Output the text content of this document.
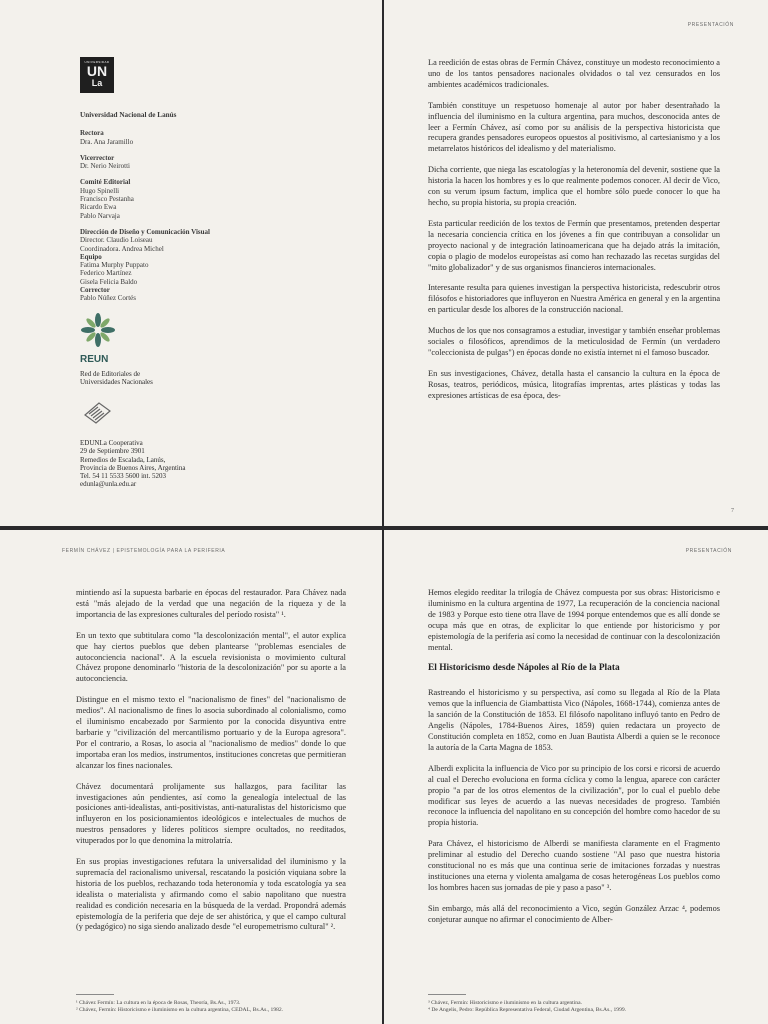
UNIVERSIDAD
UN
La
Universidad Nacional de Lanús
Rectora
Dra. Ana Jaramillo
Vicerrector
Dr. Nerio Neirotti
Comité Editorial
Hugo Spinelli
Francisco Pestanha
Ricardo Ewa
Pablo Narvaja
Dirección de Diseño y Comunicación Visual
Director. Claudio Loiseau
Coordinadora. Andrea Michel
Equipo
Fatima Murphy Puppato
Federico Martínez
Gisela Felicia Baldo
Corrector
Pablo Núñez Cortés
REUN
Red de Editoriales de
Universidades Nacionales
EDUNLa Cooperativa
29 de Septiembre 3901
Remedios de Escalada, Lanús,
Provincia de Buenos Aires, Argentina
Tel. 54 11 5533 5600 int. 5203
edunla@unla.edu.ar
PRESENTACIÓN

La reedición de estas obras de Fermín Chávez, constituye un modesto reconocimiento a uno de los tantos pensadores nacionales olvidados o tal vez censurados en los ambientes académicos tradicionales.

También constituye un respetuoso homenaje al autor por haber desentrañado la influencia del iluminismo en la cultura argentina, para muchos, desconocida antes de leer a Fermín Chávez, así como por su análisis de la perspectiva historicista que recupera grandes pensadores europeos opuestos al positivismo, al cartesianismo y a los metarrelatos históricos del idealismo y del materialismo.

Dicha corriente, que niega las escatologías y la heteronomía del devenir, sostiene que la historia la hacen los hombres y es lo que realmente podemos conocer. Al decir de Vico, con su verum ipsum factum, implica que el hombre sólo puede conocer lo que ha hecho, su propia historia, su propia creación.

Esta particular reedición de los textos de Fermín que presentamos, pretenden despertar la necesaria conciencia crítica en los jóvenes a fin que contribuyan a consolidar un proyecto nacional y de integración latinoamericana que ha dejado atrás la imitación, copia o plagio de modelos europeístas así como han rechazado las recetas surgidas del "mito globalizador" y de sus organismos financieros internacionales.

Interesante resulta para quienes investigan la perspectiva historicista, redescubrir otros filósofos e historiadores que influyeron en Nuestra América en general y en la argentina en particular desde los albores de la construcción nacional.

Muchos de los que nos consagramos a estudiar, investigar y también enseñar problemas sociales o filosóficos, aprendimos de la meticulosidad de Fermín (un verdadero "coleccionista de pulgas") en épocas donde no existía internet ni el famoso buscador.

En sus investigaciones, Chávez, detalla hasta el cansancio la cultura en la época de Rosas, teatros, periódicos, música, litografías imprentas, artes plásticas y todas las expresiones artísticas de esa época, des-

7
FERMÍN CHÁVEZ | EPISTEMOLOGÍA PARA LA PERIFERIA

mintiendo así la supuesta barbarie en épocas del restaurador. Para Chávez nada está "más alejado de la verdad que una negación de la riqueza y de la importancia de las expresiones culturales del período rosista" ¹.

En un texto que subtitulara como "la descolonización mental", el autor explica que hay ciertos pueblos que deben plantearse "problemas esenciales de autoconciencia nacional". A la escuela revisionista o movimiento cultural Chávez propone denominarlo "historia de la descolonización" por su aporte a la autoconciencia.

Distingue en el mismo texto el "nacionalismo de fines" del "nacionalismo de medios". Al nacionalismo de fines lo asocia subordinado al colonialismo, como el iluminismo encabezado por Sarmiento por la conocida disyuntiva entre barbarie y "civilización del mercantilismo portuario y de la Europa agresora". Por el contrario, a Rosas, lo asocia al "nacionalismo de medios" donde lo que importaba eran los medios, instrumentos, instituciones concretas que permitieran alcanzar los fines nacionales.

Chávez documentará prolijamente sus hallazgos, para facilitar las investigaciones aún pendientes, así como la genealogía intelectual de las posiciones anti-idealistas, anti-positivistas, anti-naturalistas del historicismo que influyeron en los posicionamientos ideológicos e intelectuales de muchos de nuestros pensadores y líderes políticos siempre ocultados, no reeditados, vituperados por lo que denomina la mitrolatría.

En sus propias investigaciones refutara la universalidad del iluminismo y la supremacía del racionalismo universal, rescatando la posición viquiana sobre la historia de los pueblos, rechazando toda heteronomía y toda escatología ya sea idealista o materialista y afirmando como el sabio napolitano que nuestra realidad es condición necesaria en la búsqueda de la verdad. Propondrá además epistemología de la periferia que deje de ser ahistórica, y que el campo cultural (y pedagógico) no siga siendo analizado desde "el europemetrismo cultural" ².

¹ Chávez Fermín: La cultura en la época de Rosas, Theoría, Bs.As., 1973.
² Chávez, Fermín: Historicismo e iluminismo en la cultura argentina, CEDAL, Bs.As., 1982.
PRESENTACIÓN

Hemos elegido reeditar la trilogía de Chávez compuesta por sus obras: Historicismo e iluminismo en la cultura argentina de 1977, La recuperación de la conciencia nacional de 1983 y Porque esto tiene otra llave de 1994 porque entendemos que es allí donde se ocupa más que en otras, de explicitar lo que entiende por historicismo y por epistemología de la periferia así como la necesidad de continuar con la descolonización mental.

El Historicismo desde Nápoles al Río de la Plata

Rastreando el historicismo y su perspectiva, así como su llegada al Río de la Plata vemos que la influencia de Giambattista Vico (Nápoles, 1668-1744), comienza antes de la sanción de la Constitución de 1853. El filósofo napolitano influyó tanto en Pedro de Angelis (Nápoles, 1784-Buenos Aires, 1859) quien redactara un proyecto de Constitución completa en 1852, como en Juan Bautista Alberdi a quien se le reconoce la autoría de la Carta Magna de 1853.

Alberdi explicita la influencia de Vico por su principio de los corsi e ricorsi de acuerdo al cual el Derecho evoluciona en forma cíclica y como la lengua, aparece con carácter propio "a par de los otros elementos de la civilización", por lo cual el pueblo debe modificar sus leyes de acuerdo a las nuevas necesidades de progreso. También reconoce la influencia del napolitano en su concepción del hombre como hacedor de su propia historia.

Para Chávez, el historicismo de Alberdi se manifiesta claramente en el Fragmento preliminar al estudio del Derecho cuando sostiene "Al paso que nuestra historia constitucional no es más que una continua serie de imitaciones forzadas y nuestras instituciones una eterna y violenta amalgama de cosas heterogéneas Los pueblos como los hombres hacen sus jornadas de pie y paso a paso" ³.

Sin embargo, más allá del reconocimiento a Vico, según González Arzac ⁴, podemos conjeturar aunque no afirmar el conocimiento de Alber-

³ Chávez, Fermín: Historicismo e iluminismo en la cultura argentina.
⁴ De Angelis, Pedro: República Representativa Federal, Ciudad Argentina, Bs.As., 1999.
